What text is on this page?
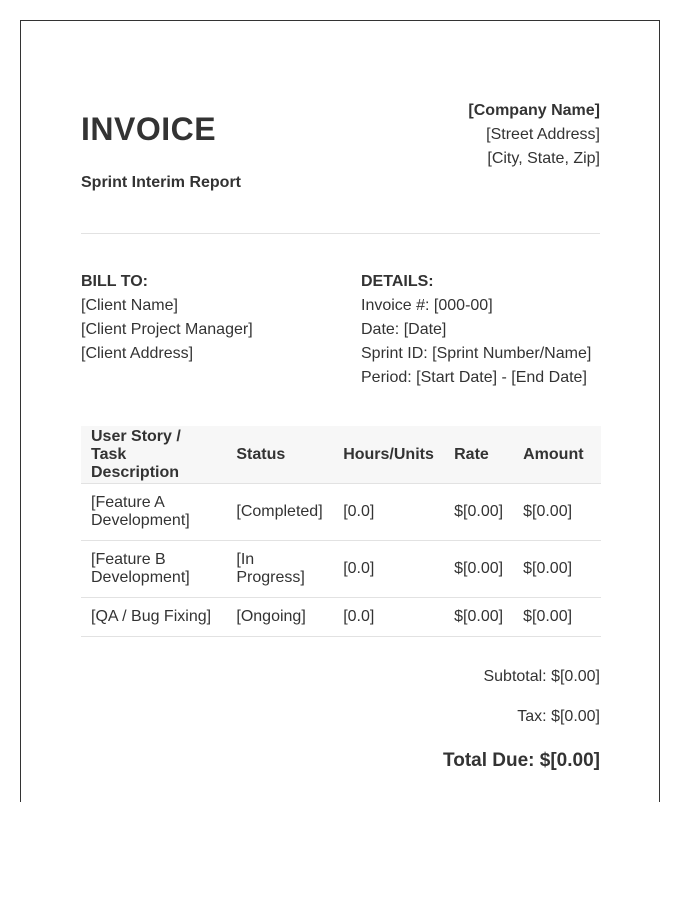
INVOICE
Sprint Interim Report
[Company Name]
[Street Address]
[City, State, Zip]
BILL TO:
[Client Name]
[Client Project Manager]
[Client Address]
DETAILS:
Invoice #: [000-00]
Date: [Date]
Sprint ID: [Sprint Number/Name]
Period: [Start Date] - [End Date]
User Story / Task Description	Status	Hours/Units	Rate	Amount
[Feature A Development]	[Completed]	[0.0]	$[0.00]	$[0.00]
[Feature B Development]	[In Progress]	[0.0]	$[0.00]	$[0.00]
[QA / Bug Fixing]	[Ongoing]	[0.0]	$[0.00]	$[0.00]
Subtotal: $[0.00]
Tax: $[0.00]
Total Due: $[0.00]
